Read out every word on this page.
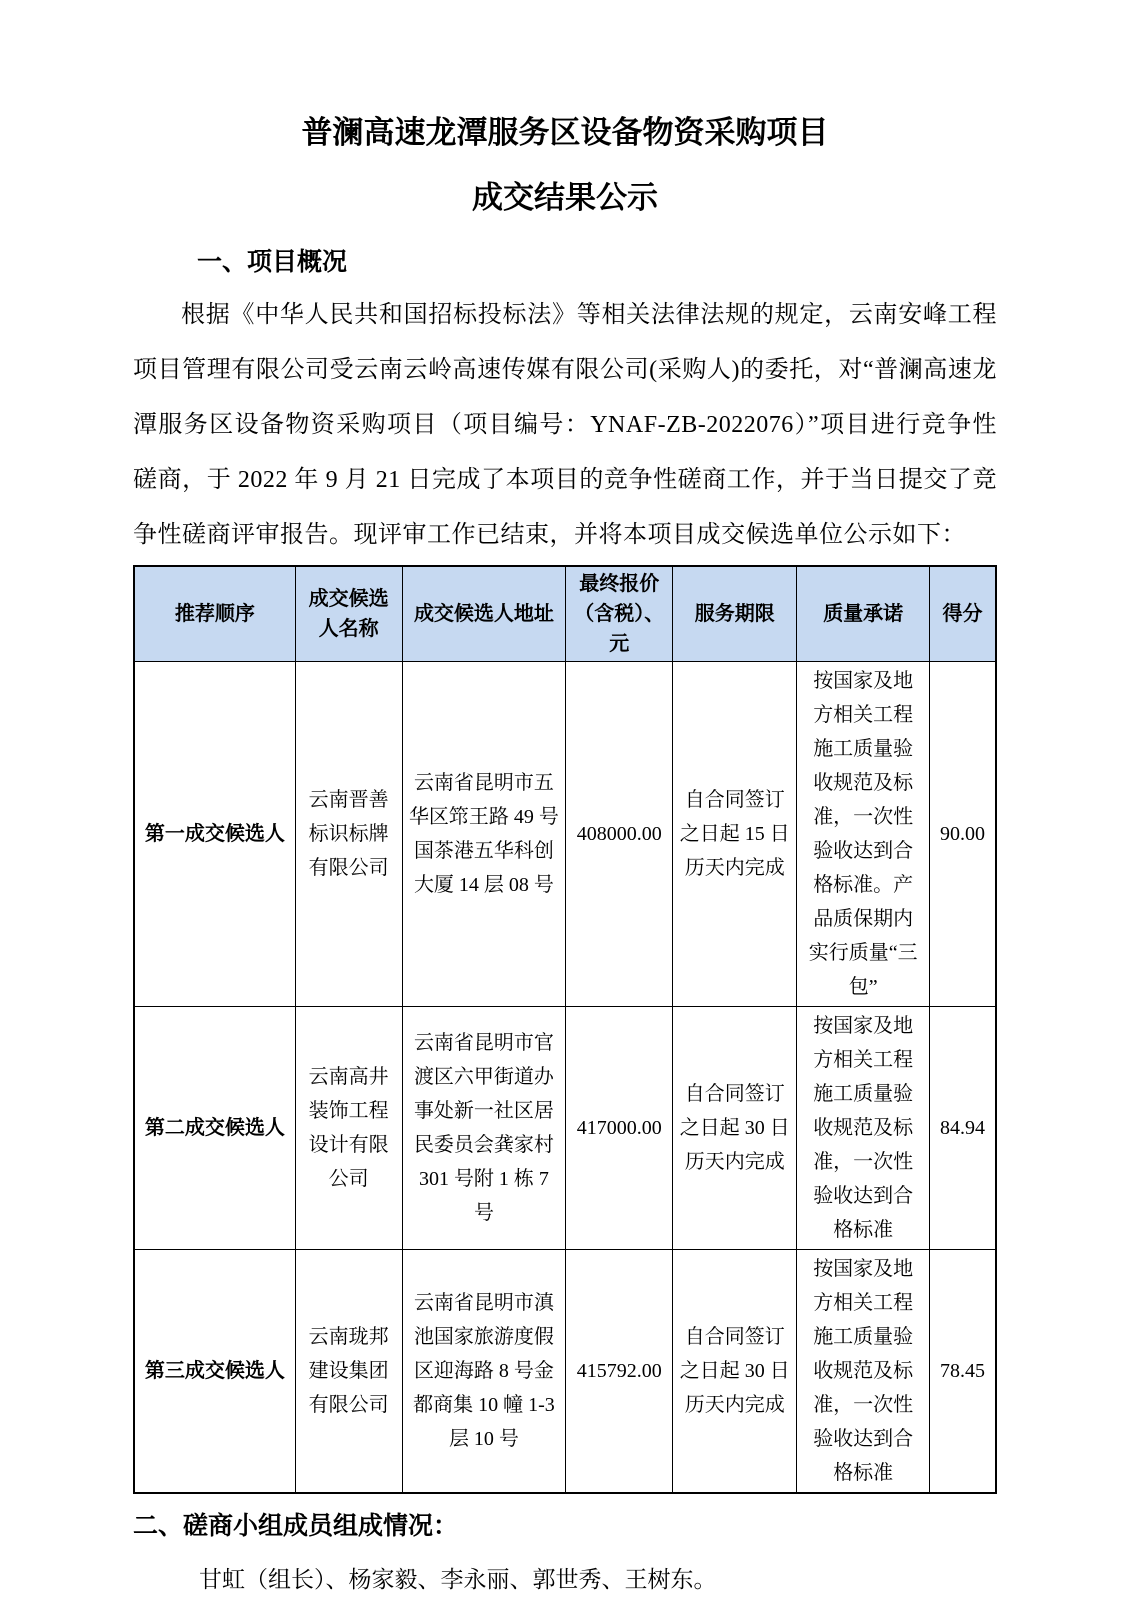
普澜高速龙潭服务区设备物资采购项目
成交结果公示
一、项目概况

根据《中华人民共和国招标投标法》等相关法律法规的规定，云南安峰工程项目管理有限公司受云南云岭高速传媒有限公司(采购人)的委托，对“普澜高速龙潭服务区设备物资采购项目（项目编号：YNAF-ZB-2022076）”项目进行竞争性磋商，于 2022 年 9 月 21 日完成了本项目的竞争性磋商工作，并于当日提交了竞争性磋商评审报告。现评审工作已结束，并将本项目成交候选单位公示如下：

推荐顺序	成交候选人名称	成交候选人地址	最终报价（含税）、元	服务期限	质量承诺	得分
第一成交候选人	云南晋善标识标牌有限公司	云南省昆明市五华区筇王路 49 号国茶港五华科创大厦 14 层 08 号	408000.00	自合同签订之日起 15 日历天内完成	按国家及地方相关工程施工质量验收规范及标准，一次性验收达到合格标准。产品质保期内实行质量“三包”	90.00
第二成交候选人	云南高井装饰工程设计有限公司	云南省昆明市官渡区六甲街道办事处新一社区居民委员会龚家村 301 号附 1 栋 7 号	417000.00	自合同签订之日起 30 日历天内完成	按国家及地方相关工程施工质量验收规范及标准，一次性验收达到合格标准	84.94
第三成交候选人	云南珑邦建设集团有限公司	云南省昆明市滇池国家旅游度假区迎海路 8 号金都商集 10 幢 1-3 层 10 号	415792.00	自合同签订之日起 30 日历天内完成	按国家及地方相关工程施工质量验收规范及标准，一次性验收达到合格标准	78.45
二、磋商小组成员组成情况：

甘虹（组长）、杨家毅、李永丽、郭世秀、王树东。
